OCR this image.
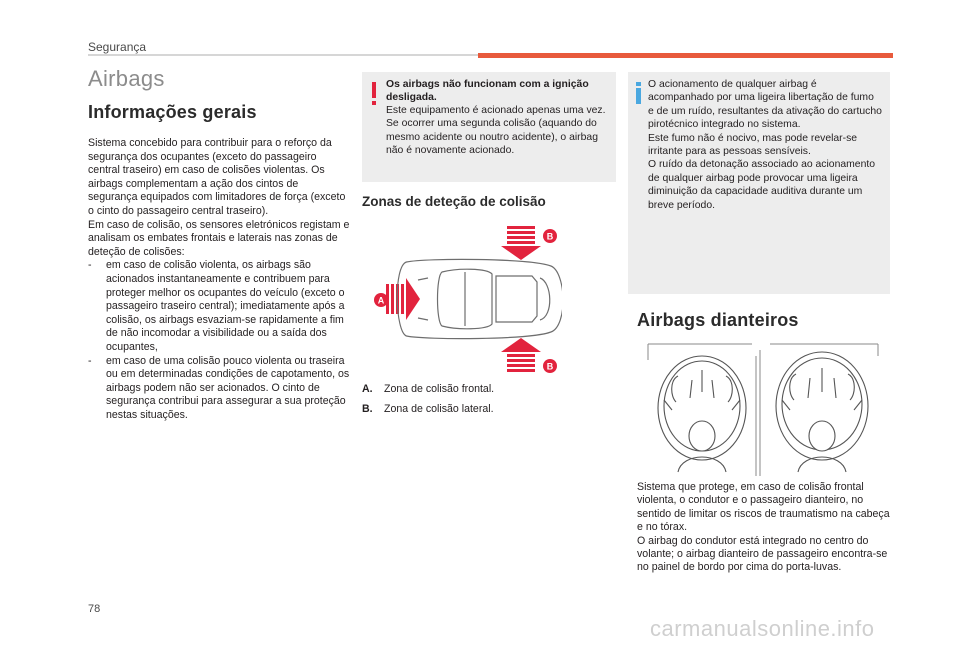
Segurança
Airbags
Informações gerais

Sistema concebido para contribuir para o reforço da segurança dos ocupantes (exceto do passageiro central traseiro) em caso de colisões violentas. Os airbags complementam a ação dos cintos de segurança equipados com limitadores de força (exceto o cinto do passageiro central traseiro).

Em caso de colisão, os sensores eletrónicos registam e analisam os embates frontais e laterais nas zonas de deteção de colisões:

- em caso de colisão violenta, os airbags são acionados instantaneamente e contribuem para proteger melhor os ocupantes do veículo (exceto o passageiro traseiro central); imediatamente após a colisão, os airbags esvaziam-se rapidamente a fim de não incomodar a visibilidade ou a saída dos ocupantes,
- em caso de uma colisão pouco violenta ou traseira ou em determinadas condições de capotamento, os airbags podem não ser acionados. O cinto de segurança contribui para assegurar a sua proteção nestas situações.
Os airbags não funcionam com a ignição desligada.
Este equipamento é acionado apenas uma vez. Se ocorrer uma segunda colisão (aquando do mesmo acidente ou noutro acidente), o airbag não é novamente acionado.
Zonas de deteção de colisão
B
A
B
A.	Zona de colisão frontal.
B.	Zona de colisão lateral.

O acionamento de qualquer airbag é acompanhado por uma ligeira libertação de fumo e de um ruído, resultantes da ativação do cartucho pirotécnico integrado no sistema.

Este fumo não é nocivo, mas pode revelar-se irritante para as pessoas sensíveis.

O ruído da detonação associado ao acionamento de qualquer airbag pode provocar uma ligeira diminuição da capacidade auditiva durante um breve período.

Airbags dianteiros

Sistema que protege, em caso de colisão frontal violenta, o condutor e o passageiro dianteiro, no sentido de limitar os riscos de traumatismo na cabeça e no tórax.

O airbag do condutor está integrado no centro do volante; o airbag dianteiro de passageiro encontra-se no painel de bordo por cima do porta-luvas.

78
carmanualsonline.info
